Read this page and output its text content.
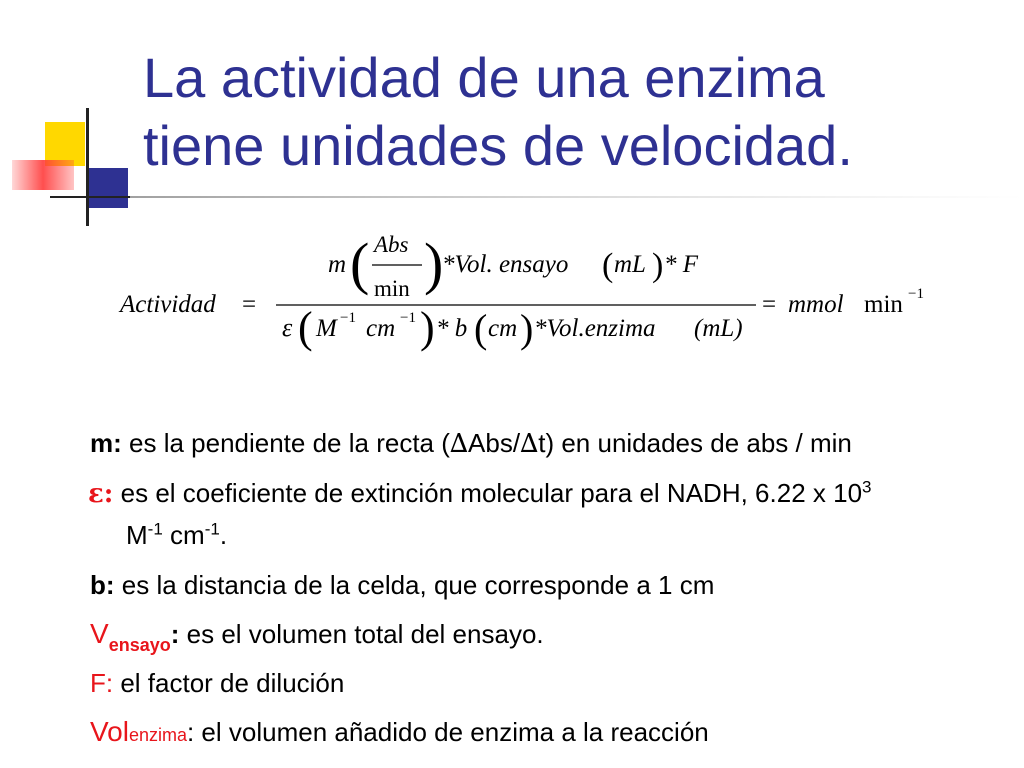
La actividad de una enzima
tiene unidades de velocidad.
Actividad =
m ( Abs
min )
*Vol. ensayo ( mL ) * F
ε ( M −1 cm −1 ) * b ( cm ) *Vol.enzima (mL)
= mmol min −1
m: es la pendiente de la recta (∆Abs/∆t) en unidades de abs / min
ε: es el coeficiente de extinción molecular para el NADH, 6.22 x $10^3$
$M^{-1}$ $cm^{-1}$.
b: es la distancia de la celda, que corresponde a 1 cm
$V_{ensayo}$: es el volumen total del ensayo.
F: el factor de dilución
Volenzima: el volumen añadido de enzima a la reacción
